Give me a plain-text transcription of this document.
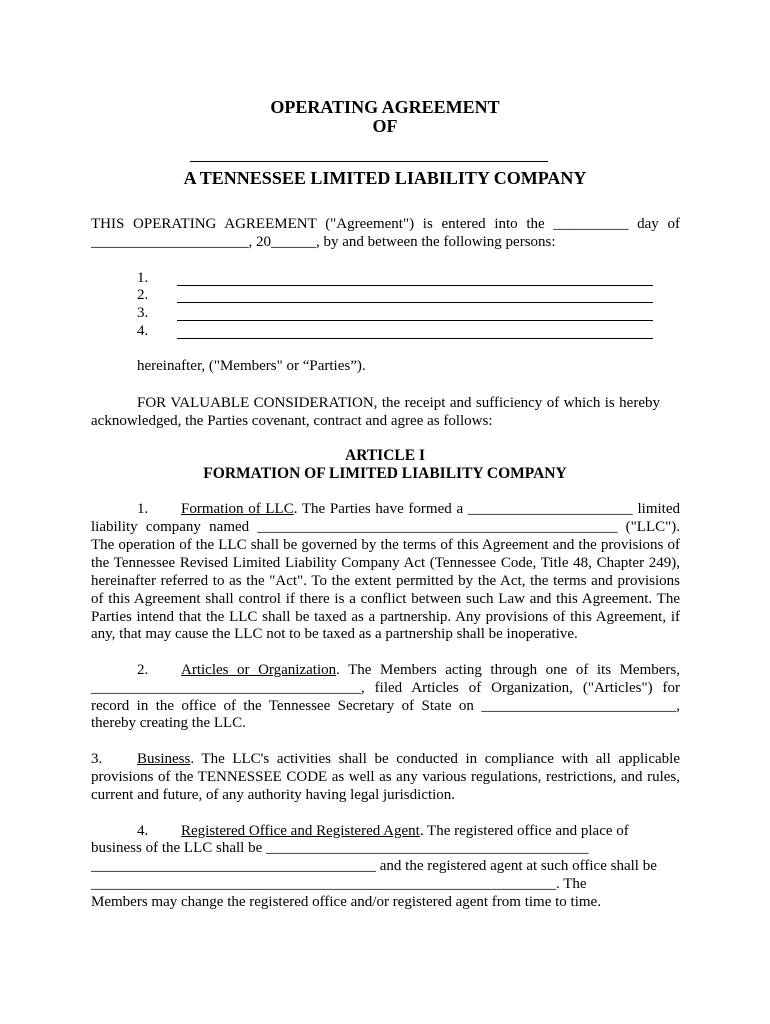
OPERATING AGREEMENT
OF
A TENNESSEE LIMITED LIABILITY COMPANY
THIS OPERATING AGREEMENT ("Agreement") is entered into the __________ day of
_____________________, 20______, by and between the following persons:
1.
2.
3.
4.
hereinafter, ("Members" or “Parties”).
FOR VALUABLE CONSIDERATION, the receipt and sufficiency of which is hereby
acknowledged, the Parties covenant, contract and agree as follows:
ARTICLE I
FORMATION OF LIMITED LIABILITY COMPANY
1. Formation of LLC. The Parties have formed a ______________________ limited
liability company named ________________________________________________ ("LLC").
The operation of the LLC shall be governed by the terms of this Agreement and the provisions of
the Tennessee Revised Limited Liability Company Act (Tennessee Code, Title 48, Chapter 249),
hereinafter referred to as the "Act". To the extent permitted by the Act, the terms and provisions
of this Agreement shall control if there is a conflict between such Law and this Agreement. The
Parties intend that the LLC shall be taxed as a partnership. Any provisions of this Agreement, if
any, that may cause the LLC not to be taxed as a partnership shall be inoperative.
2. Articles or Organization. The Members acting through one of its Members,
____________________________________, filed Articles of Organization, ("Articles") for
record in the office of the Tennessee Secretary of State on __________________________,
thereby creating the LLC.
3. Business. The LLC's activities shall be conducted in compliance with all applicable
provisions of the TENNESSEE CODE as well as any various regulations, restrictions, and rules,
current and future, of any authority having legal jurisdiction.
4. Registered Office and Registered Agent. The registered office and place of
business of the LLC shall be ___________________________________________
______________________________________ and the registered agent at such office shall be
______________________________________________________________. The
Members may change the registered office and/or registered agent from time to time.
